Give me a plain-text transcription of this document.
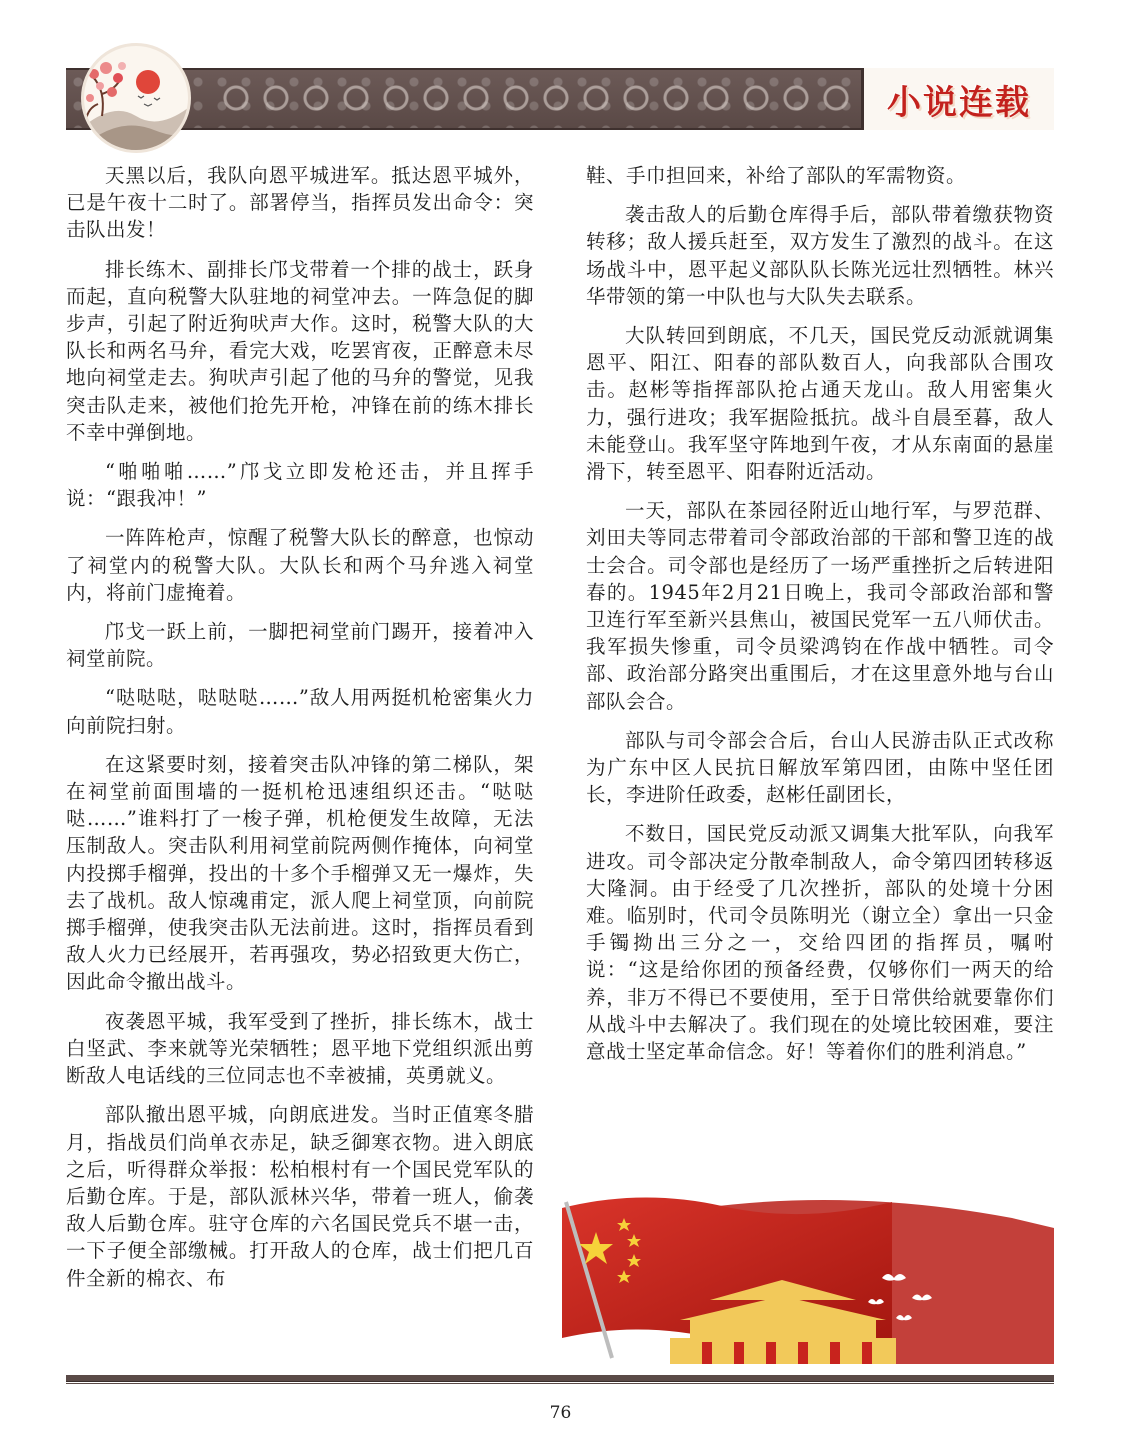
小说连载

天黑以后，我队向恩平城进军。抵达恩平城外，已是午夜十二时了。部署停当，指挥员发出命令：突击队出发！

排长练木、副排长邝戈带着一个排的战士，跃身而起，直向税警大队驻地的祠堂冲去。一阵急促的脚步声，引起了附近狗吠声大作。这时，税警大队的大队长和两名马弁，看完大戏，吃罢宵夜，正醉意未尽地向祠堂走去。狗吠声引起了他的马弁的警觉，见我突击队走来，被他们抢先开枪，冲锋在前的练木排长不幸中弹倒地。

“啪啪啪……”邝戈立即发枪还击，并且挥手说：“跟我冲！”

一阵阵枪声，惊醒了税警大队长的醉意，也惊动了祠堂内的税警大队。大队长和两个马弁逃入祠堂内，将前门虚掩着。

邝戈一跃上前，一脚把祠堂前门踢开，接着冲入祠堂前院。

“哒哒哒，哒哒哒……”敌人用两挺机枪密集火力向前院扫射。

在这紧要时刻，接着突击队冲锋的第二梯队，架在祠堂前面围墙的一挺机枪迅速组织还击。“哒哒哒……”谁料打了一梭子弹，机枪便发生故障，无法压制敌人。突击队利用祠堂前院两侧作掩体，向祠堂内投掷手榴弹，投出的十多个手榴弹又无一爆炸，失去了战机。敌人惊魂甫定，派人爬上祠堂顶，向前院掷手榴弹，使我突击队无法前进。这时，指挥员看到敌人火力已经展开，若再强攻，势必招致更大伤亡，因此命令撤出战斗。

夜袭恩平城，我军受到了挫折，排长练木，战士白坚武、李来就等光荣牺牲；恩平地下党组织派出剪断敌人电话线的三位同志也不幸被捕，英勇就义。

部队撤出恩平城，向朗底进发。当时正值寒冬腊月，指战员们尚单衣赤足，缺乏御寒衣物。进入朗底之后，听得群众举报：松柏根村有一个国民党军队的后勤仓库。于是，部队派林兴华，带着一班人，偷袭敌人后勤仓库。驻守仓库的六名国民党兵不堪一击，一下子便全部缴械。打开敌人的仓库，战士们把几百件全新的棉衣、布

鞋、手巾担回来，补给了部队的军需物资。

袭击敌人的后勤仓库得手后，部队带着缴获物资转移；敌人援兵赶至，双方发生了激烈的战斗。在这场战斗中，恩平起义部队队长陈光远壮烈牺牲。林兴华带领的第一中队也与大队失去联系。

大队转回到朗底，不几天，国民党反动派就调集恩平、阳江、阳春的部队数百人，向我部队合围攻击。赵彬等指挥部队抢占通天龙山。敌人用密集火力，强行进攻；我军据险抵抗。战斗自晨至暮，敌人未能登山。我军坚守阵地到午夜，才从东南面的悬崖滑下，转至恩平、阳春附近活动。

一天，部队在茶园径附近山地行军，与罗范群、刘田夫等同志带着司令部政治部的干部和警卫连的战士会合。司令部也是经历了一场严重挫折之后转进阳春的。1945年2月21日晚上，我司令部政治部和警卫连行军至新兴县焦山，被国民党军一五八师伏击。我军损失惨重，司令员梁鸿钧在作战中牺牲。司令部、政治部分路突出重围后，才在这里意外地与台山部队会合。

部队与司令部会合后，台山人民游击队正式改称为广东中区人民抗日解放军第四团，由陈中坚任团长，李进阶任政委，赵彬任副团长，

不数日，国民党反动派又调集大批军队，向我军进攻。司令部决定分散牵制敌人，命令第四团转移返大隆洞。由于经受了几次挫折，部队的处境十分困难。临别时，代司令员陈明光（谢立全）拿出一只金手镯拗出三分之一，交给四团的指挥员，嘱咐说：“这是给你团的预备经费，仅够你们一两天的给养，非万不得已不要使用，至于日常供给就要靠你们从战斗中去解决了。我们现在的处境比较困难，要注意战士坚定革命信念。好！等着你们的胜利消息。”

76
